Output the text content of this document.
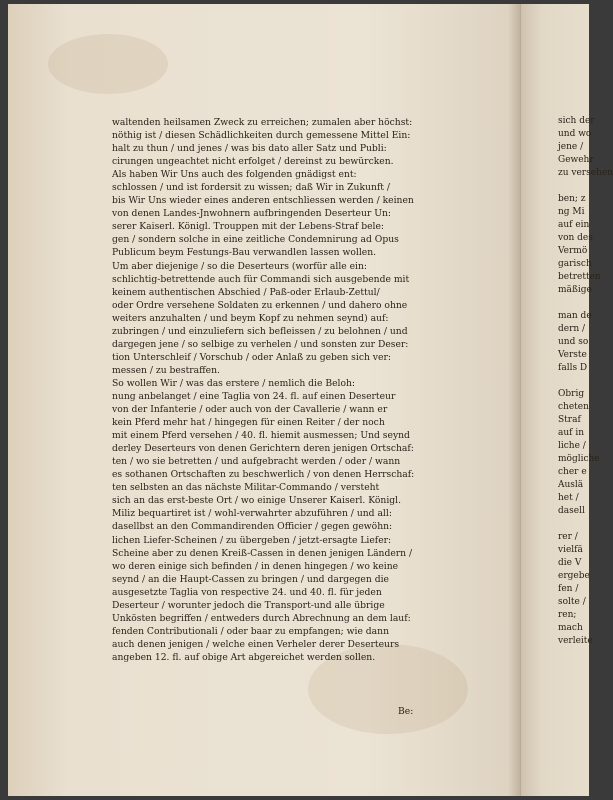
waltenden heilsamen Zweck zu erreichen; zumalen aber höchst:
nöthig ist / diesen Schädlichkeiten durch gemessene Mittel Ein:
halt zu thun / und jenes / was bis dato aller Satz und Publi:
cirungen ungeachtet nicht erfolget / dereinst zu bewürcken.
Als haben Wir Uns auch des folgenden gnädigst ent:
schlossen / und ist fordersit zu wissen; daß Wir in Zukunft /
bis Wir Uns wieder eines anderen entschliessen werden / keinen
von denen Landes-Jnwohnern aufbringenden Deserteur Un:
serer Kaiserl. Königl. Trouppen mit der Lebens-Straf bele:
gen / sondern solche in eine zeitliche Condemnirung ad Opus
Publicum beym Festungs-Bau verwandlen lassen wollen.
Um aber diejenige / so die Deserteurs (worfür alle ein:
schlichtig-betrettende auch für Commandi sich ausgebende mit
keinem authentischen Abschied / Paß-oder Erlaub-Zettul/
oder Ordre versehene Soldaten zu erkennen / und dahero ohne
weiters anzuhalten / und beym Kopf zu nehmen seynd) auf:
zubringen / und einzuliefern sich befleissen / zu belohnen / und
dargegen jene / so selbige zu verhelen / und sonsten zur Deser:
tion Unterschleif / Vorschub / oder Anlaß zu geben sich ver:
messen / zu bestraffen.
So wollen Wir / was das erstere / nemlich die Beloh:
nung anbelanget / eine Taglia von 24. fl. auf einen Deserteur
von der Infanterie / oder auch von der Cavallerie / wann er
kein Pferd mehr hat / hingegen für einen Reiter / der noch
mit einem Pferd versehen / 40. fl. hiemit ausmessen; Und seynd
derley Deserteurs von denen Gerichtern deren jenigen Ortschaf:
ten / wo sie betretten / und aufgebracht werden / oder / wann
es sothanen Ortschaften zu beschwerlich / von denen Herrschaf:
ten selbsten an das nächste Militar-Commando / versteht
sich an das erst-beste Ort / wo einige Unserer Kaiserl. Königl.
Miliz bequartiret ist / wohl-verwahrter abzuführen / und all:
dasellbst an den Commandirenden Officier / gegen gewöhn:
lichen Liefer-Scheinen / zu übergeben / jetzt-ersagte Liefer:
Scheine aber zu denen Kreiß-Cassen in denen jenigen Ländern /
wo deren einige sich befinden / in denen hingegen / wo keine
seynd / an die Haupt-Cassen zu bringen / und dargegen die
ausgesetzte Taglia von respective 24. und 40. fl. für jeden
Deserteur / worunter jedoch die Transport-und alle übrige
Unkösten begriffen / entweders durch Abrechnung an dem lauf:
fenden Contributionali / oder baar zu empfangen; wie dann
auch denen jenigen / welche einen Verheler derer Deserteurs
angeben 12. fl. auf obige Art abgereichet werden sollen.
Be:
sich der
und wo
jene /
Gewehr
zu versehen
ben; z
ng Mi
auf ein
von des
Vermö
garisch
betretten
mäßige
man de
dern /
und so
Verste
falls D
Obrig
cheten
Straf
auf in
liche /
mögliche
cher e
Auslä
het /
dasell
rer /
vielfä
die V
ergebe
fen /
solte /
ren;
mach
verleite
